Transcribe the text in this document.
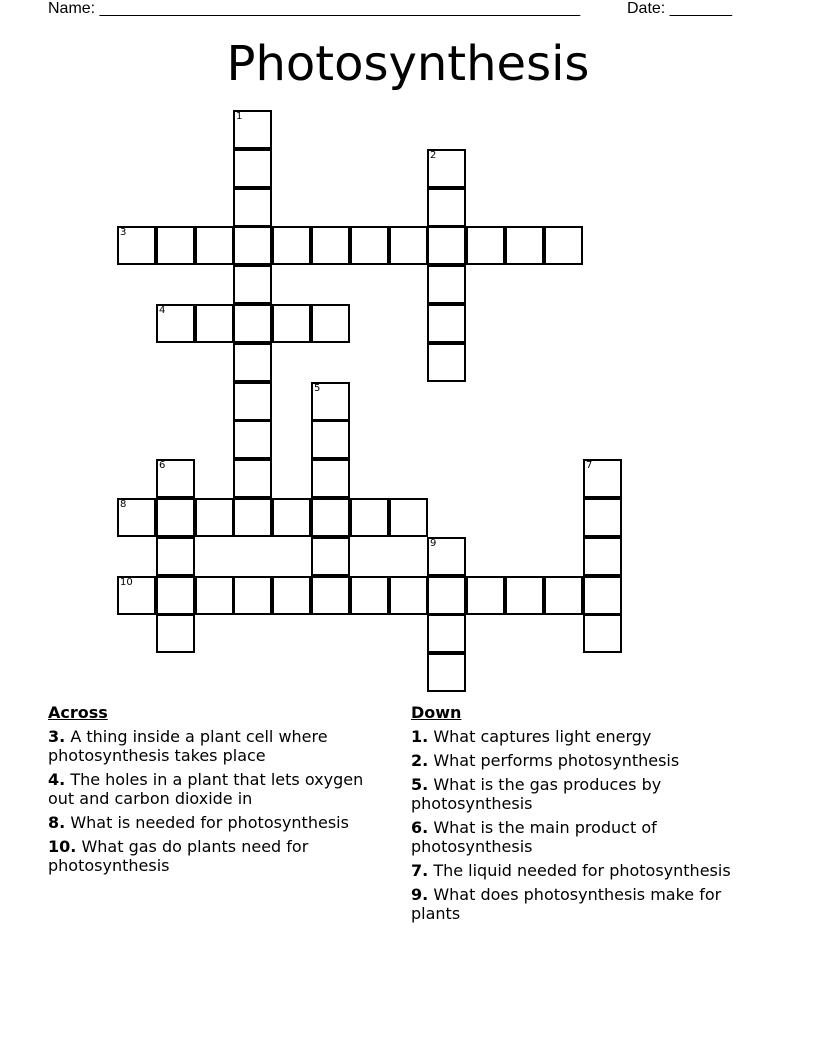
Name: ______________________________________________________	Date: _______
Photosynthesis
1
2
3
4
5
6	7
8
9
10
Across
3. A thing inside a plant cell where photosynthesis takes place
4. The holes in a plant that lets oxygen out and carbon dioxide in
8. What is needed for photosynthesis
10. What gas do plants need for photosynthesis
Down
1. What captures light energy
2. What performs photosynthesis
5. What is the gas produces by photosynthesis
6. What is the main product of photosynthesis
7. The liquid needed for photosynthesis
9. What does photosynthesis make for plants
